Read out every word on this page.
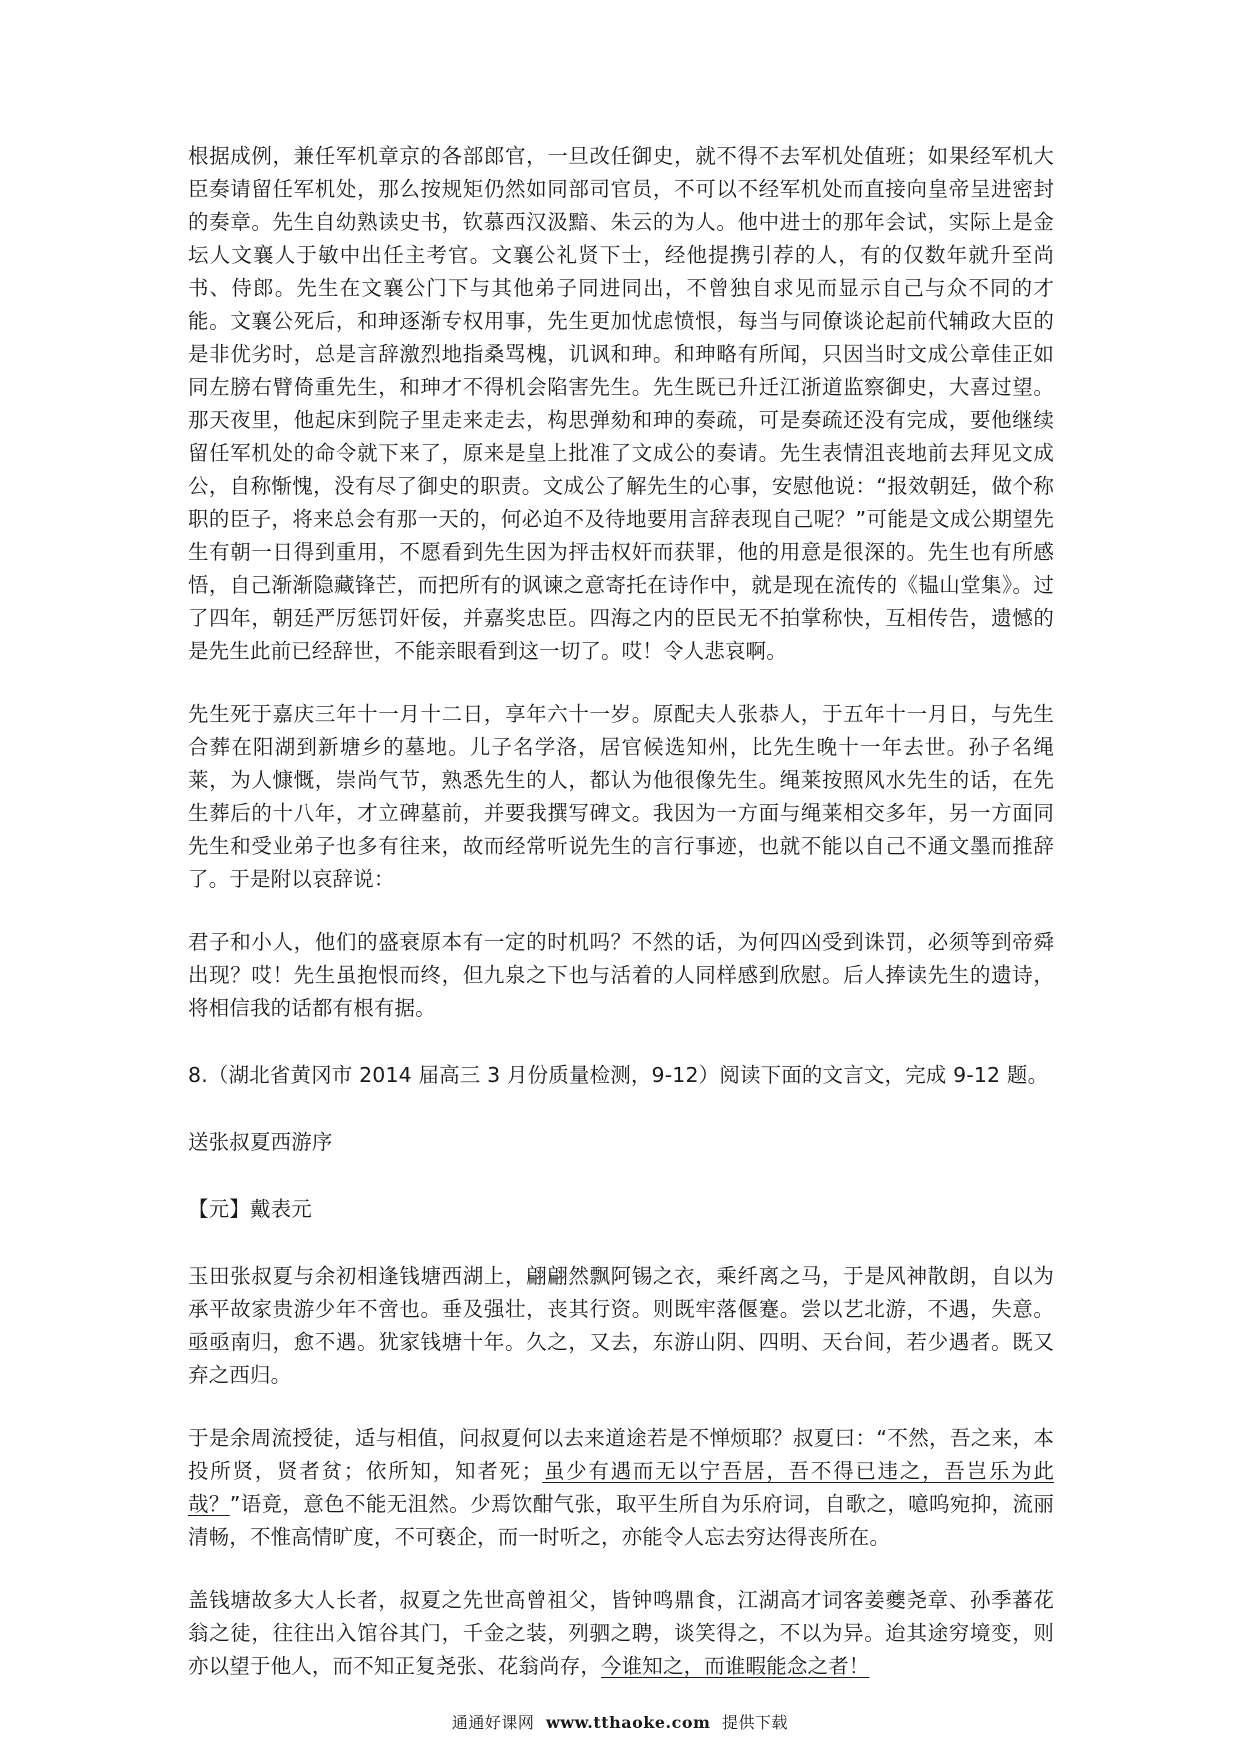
根据成例，兼任军机章京的各部郎官，一旦改任御史，就不得不去军机处值班；如果经军机大臣奏请留任军机处，那么按规矩仍然如同部司官员，不可以不经军机处而直接向皇帝呈进密封的奏章。先生自幼熟读史书，钦慕西汉汲黯、朱云的为人。他中进士的那年会试，实际上是金坛人文襄人于敏中出任主考官。文襄公礼贤下士，经他提携引荐的人，有的仅数年就升至尚书、侍郎。先生在文襄公门下与其他弟子同进同出，不曾独自求见而显示自己与众不同的才能。文襄公死后，和珅逐渐专权用事，先生更加忧虑愤恨，每当与同僚谈论起前代辅政大臣的是非优劣时，总是言辞激烈地指桑骂槐，讥讽和珅。和珅略有所闻，只因当时文成公章佳正如同左膀右臂倚重先生，和珅才不得机会陷害先生。先生既已升迁江浙道监察御史，大喜过望。那天夜里，他起床到院子里走来走去，构思弹劾和珅的奏疏，可是奏疏还没有完成，要他继续留任军机处的命令就下来了，原来是皇上批准了文成公的奏请。先生表情沮丧地前去拜见文成公，自称惭愧，没有尽了御史的职责。文成公了解先生的心事，安慰他说：“报效朝廷，做个称职的臣子，将来总会有那一天的，何必迫不及待地要用言辞表现自己呢？”可能是文成公期望先生有朝一日得到重用，不愿看到先生因为抨击权奸而获罪，他的用意是很深的。先生也有所感悟，自己渐渐隐藏锋芒，而把所有的讽谏之意寄托在诗作中，就是现在流传的《韫山堂集》。过了四年，朝廷严厉惩罚奸佞，并嘉奖忠臣。四海之内的臣民无不拍掌称快，互相传告，遗憾的是先生此前已经辞世，不能亲眼看到这一切了。哎！令人悲哀啊。

先生死于嘉庆三年十一月十二日，享年六十一岁。原配夫人张恭人，于五年十一月日，与先生合葬在阳湖到新塘乡的墓地。儿子名学洛，居官候选知州，比先生晚十一年去世。孙子名绳莱，为人慷慨，崇尚气节，熟悉先生的人，都认为他很像先生。绳莱按照风水先生的话，在先生葬后的十八年，才立碑墓前，并要我撰写碑文。我因为一方面与绳莱相交多年，另一方面同先生和受业弟子也多有往来，故而经常听说先生的言行事迹，也就不能以自己不通文墨而推辞了。于是附以哀辞说：

君子和小人，他们的盛衰原本有一定的时机吗？不然的话，为何四凶受到诛罚，必须等到帝舜出现？哎！先生虽抱恨而终，但九泉之下也与活着的人同样感到欣慰。后人捧读先生的遗诗，将相信我的话都有根有据。

8.（湖北省黄冈市 2014 届高三 3 月份质量检测，9-12）阅读下面的文言文，完成 9-12 题。

送张叔夏西游序

【元】戴表元

玉田张叔夏与余初相逢钱塘西湖上，翩翩然飘阿锡之衣，乘纤离之马，于是风神散朗，自以为承平故家贵游少年不啻也。垂及强壮，丧其行资。则既牢落偃蹇。尝以艺北游，不遇，失意。亟亟南归，愈不遇。犹家钱塘十年。久之，又去，东游山阴、四明、天台间，若少遇者。既又弃之西归。

于是余周流授徒，适与相值，问叔夏何以去来道途若是不惮烦耶？叔夏曰：“不然，吾之来，本投所贤，贤者贫；依所知，知者死；虽少有遇而无以宁吾居，吾不得已违之，吾岂乐为此哉？”语竟，意色不能无沮然。少焉饮酣气张，取平生所自为乐府词，自歌之，噫呜宛抑，流丽清畅，不惟高情旷度，不可亵企，而一时听之，亦能令人忘去穷达得丧所在。

盖钱塘故多大人长者，叔夏之先世高曾祖父，皆钟鸣鼎食，江湖高才词客姜夔尧章、孙季蕃花翁之徒，往往出入馆谷其门，千金之装，列驷之聘，谈笑得之，不以为异。迨其途穷境变，则亦以望于他人，而不知正复尧张、花翁尚存，今谁知之，而谁暇能念之者！

通通好课网 www.tthaoke.com 提供下载
